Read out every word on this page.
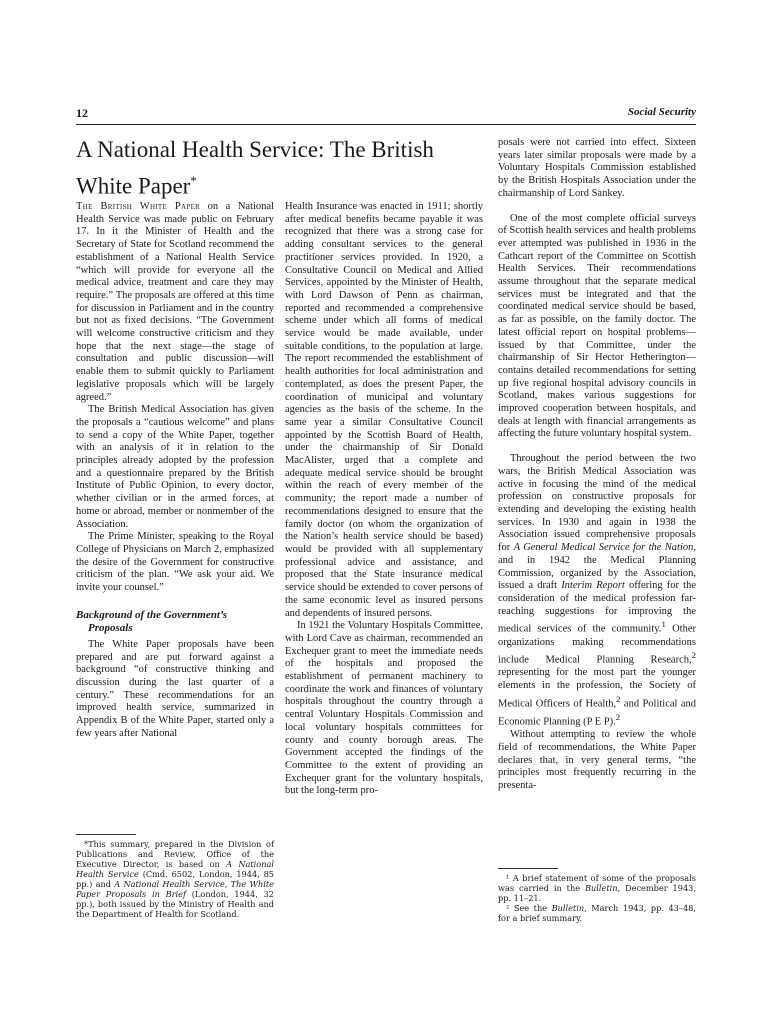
12	Social Security
A National Health Service: The British White Paper*

The British White Paper on a National Health Service was made public on February 17. In it the Minister of Health and the Secretary of State for Scotland recommend the establishment of a National Health Service “which will provide for everyone all the medical advice, treatment and care they may require.” The proposals are offered at this time for discussion in Parliament and in the country but not as fixed decisions. “The Government will welcome constructive criticism and they hope that the next stage—the stage of consultation and public discussion—will enable them to submit quickly to Parliament legislative proposals which will be largely agreed.”

The British Medical Association has given the proposals a “cautious welcome” and plans to send a copy of the White Paper, together with an analysis of it in relation to the principles already adopted by the profession and a questionnaire prepared by the British Institute of Public Opinion, to every doctor, whether civilian or in the armed forces, at home or abroad, member or nonmember of the Association.

The Prime Minister, speaking to the Royal College of Physicians on March 2, emphasized the desire of the Government for constructive criticism of the plan. “We ask your aid. We invite your counsel.”

Background of the Government’s
Proposals

The White Paper proposals have been prepared and are put forward against a background “of constructive thinking and discussion during the last quarter of a century.” These recommendations for an improved health service, summarized in Appendix B of the White Paper, started only a few years after National

*This summary, prepared in the Division of Publications and Review, Office of the Executive Director, is based on A National Health Service (Cmd. 6502, London, 1944, 85 pp.) and A National Health Service, The White Paper Proposals in Brief (London, 1944, 32 pp.), both issued by the Ministry of Health and the Department of Health for Scotland.

Health Insurance was enacted in 1911; shortly after medical benefits became payable it was recognized that there was a strong case for adding consultant services to the general practitioner services provided. In 1920, a Consultative Council on Medical and Allied Services, appointed by the Minister of Health, with Lord Dawson of Penn as chairman, reported and recommended a comprehensive scheme under which all forms of medical service would be made available, under suitable conditions, to the population at large. The report recommended the establishment of health authorities for local administration and contemplated, as does the present Paper, the coordination of municipal and voluntary agencies as the basis of the scheme. In the same year a similar Consultative Council appointed by the Scottish Board of Health, under the chairmanship of Sir Donald MacAlister, urged that a complete and adequate medical service should be brought within the reach of every member of the community; the report made a number of recommendations designed to ensure that the family doctor (on whom the organization of the Nation’s health service should be based) would be provided with all supplementary professional advice and assistance, and proposed that the State insurance medical service should be extended to cover persons of the same economic level as insured persons and dependents of insured persons.

In 1921 the Voluntary Hospitals Committee, with Lord Cave as chairman, recommended an Exchequer grant to meet the immediate needs of the hospitals and proposed the establishment of permanent machinery to coordinate the work and finances of voluntary hospitals throughout the country through a central Voluntary Hospitals Commission and local voluntary hospitals committees for county and county borough areas. The Government accepted the findings of the Committee to the extent of providing an Exchequer grant for the voluntary hospitals, but the long-term pro-

posals were not carried into effect. Sixteen years later similar proposals were made by a Voluntary Hospitals Commission established by the British Hospitals Association under the chairmanship of Lord Sankey.

One of the most complete official surveys of Scottish health services and health problems ever attempted was published in 1936 in the Cathcart report of the Committee on Scottish Health Services. Their recommendations assume throughout that the separate medical services must be integrated and that the coordinated medical service should be based, as far as possible, on the family doctor. The latest official report on hospital problems—issued by that Committee, under the chairmanship of Sir Hector Hetherington—contains detailed recommendations for setting up five regional hospital advisory councils in Scotland, makes various suggestions for improved cooperation between hospitals, and deals at length with financial arrangements as affecting the future voluntary hospital system.

Throughout the period between the two wars, the British Medical Association was active in focusing the mind of the medical profession on constructive proposals for extending and developing the existing health services. In 1930 and again in 1938 the Association issued comprehensive proposals for A General Medical Service for the Nation, and in 1942 the Medical Planning Commission, organized by the Association, issued a draft Interim Report offering for the consideration of the medical profession far-reaching suggestions for improving the medical services of the community.$^1$ Other organizations making recommendations include Medical Planning Research,$^2$ representing for the most part the younger elements in the profession, the Society of Medical Officers of Health,$^2$ and Political and Economic Planning (P E P).$^2$

Without attempting to review the whole field of recommendations, the White Paper declares that, in very general terms, “the principles most frequently recurring in the presenta-

¹ A brief statement of some of the proposals was carried in the Bulletin, December 1943, pp. 11–21.

² See the Bulletin, March 1943, pp. 43–48, for a brief summary.
